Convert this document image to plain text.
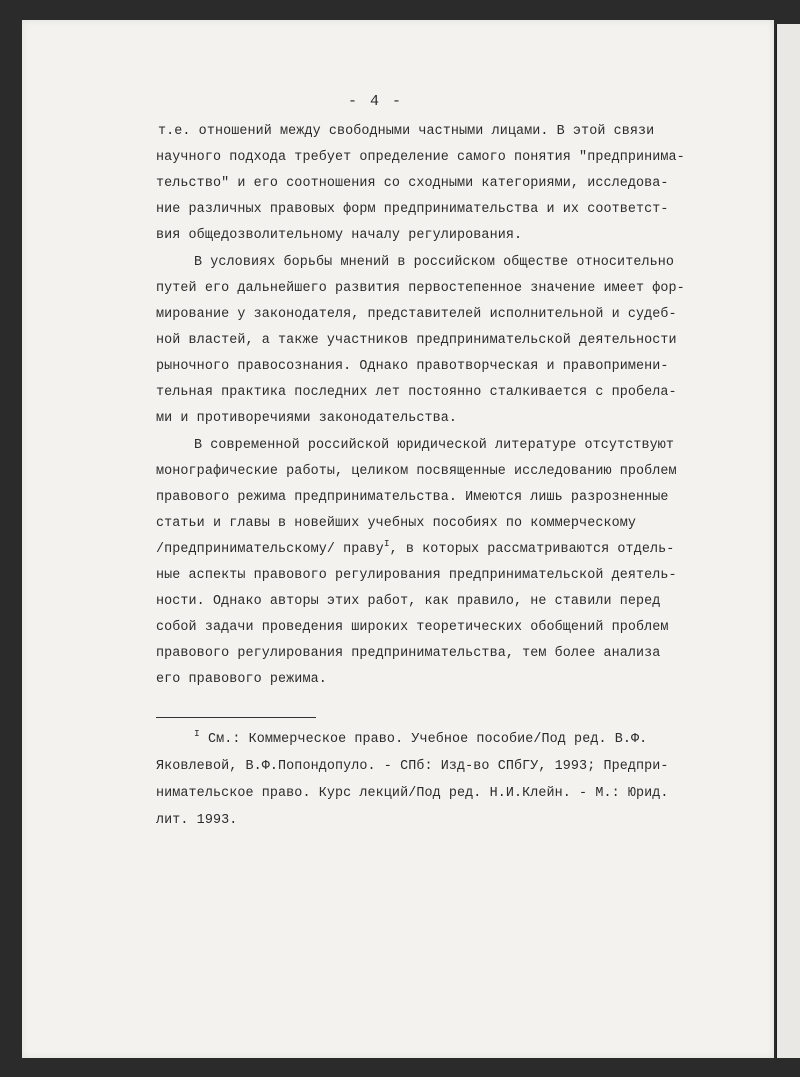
- 4 -
т.е. отношений между свободными частными лицами. В этой связи
научного подхода требует определение самого понятия "предпринима-
тельство" и его соотношения со сходными категориями, исследова-
ние различных правовых форм предпринимательства и их соответст-
вия общедозволительному началу регулирования.
В условиях борьбы мнений в российском обществе относительно
путей его дальнейшего развития первостепенное значение имеет фор-
мирование у законодателя, представителей исполнительной и судеб-
ной властей, а также участников предпринимательской деятельности
рыночного правосознания. Однако правотворческая и правопримени-
тельная практика последних лет постоянно сталкивается с пробела-
ми и противоречиями законодательства.
В современной российской юридической литературе отсутствуют
монографические работы, целиком посвященные исследованию проблем
правового режима предпринимательства. Имеются лишь разрозненные
статьи и главы в новейших учебных пособиях по коммерческому
/предпринимательскому/ праву$^I$, в которых рассматриваются отдель-
ные аспекты правового регулирования предпринимательской деятель-
ности. Однако авторы этих работ, как правило, не ставили перед
собой задачи проведения широких теоретических обобщений проблем
правового регулирования предпринимательства, тем более анализа
его правового режима.
$^I$ См.: Коммерческое право. Учебное пособие/Под ред. В.Ф.
Яковлевой, В.Ф.Попондопуло. - СПб: Изд-во СПбГУ, 1993; Предпри-
нимательское право. Курс лекций/Под ред. Н.И.Клейн. - М.: Юрид.
лит. 1993.
